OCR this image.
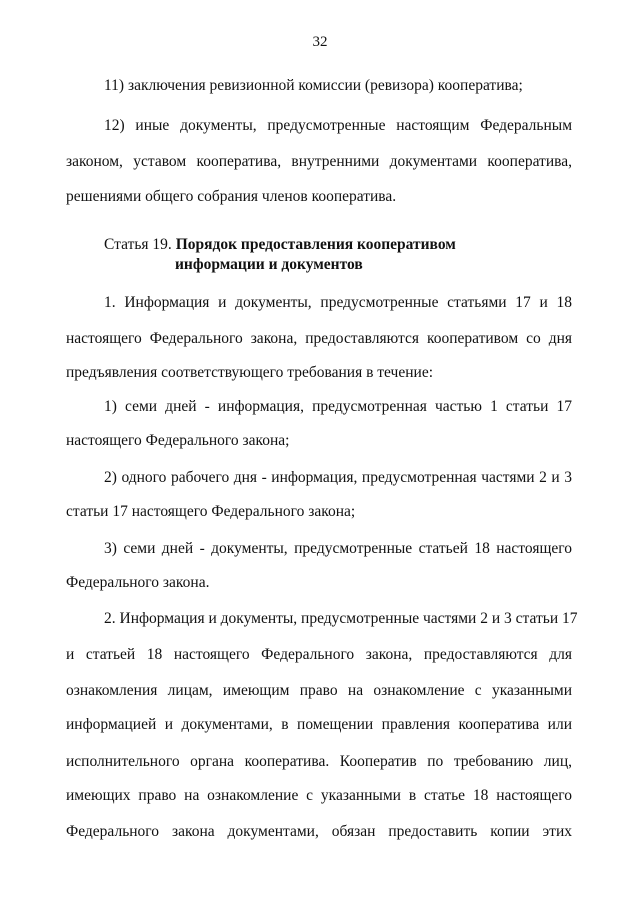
32
11) заключения ревизионной комиссии (ревизора) кооператива;
12) иные документы, предусмотренные настоящим Федеральным
законом, уставом кооператива, внутренними документами кооператива,
решениями общего собрания членов кооператива.
Статья 19. Порядок предоставления кооперативом
информации и документов
1. Информация и документы, предусмотренные статьями 17 и 18
настоящего Федерального закона, предоставляются кооперативом со дня
предъявления соответствующего требования в течение:
1) семи дней - информация, предусмотренная частью 1 статьи 17
настоящего Федерального закона;
2) одного рабочего дня - информация, предусмотренная частями 2 и 3
статьи 17 настоящего Федерального закона;
3) семи дней - документы, предусмотренные статьей 18 настоящего
Федерального закона.
2. Информация и документы, предусмотренные частями 2 и 3 статьи 17
и статьей 18 настоящего Федерального закона, предоставляются для
ознакомления лицам, имеющим право на ознакомление с указанными
информацией и документами, в помещении правления кооператива или
исполнительного органа кооператива. Кооператив по требованию лиц,
имеющих право на ознакомление с указанными в статье 18 настоящего
Федерального закона документами, обязан предоставить копии этих
